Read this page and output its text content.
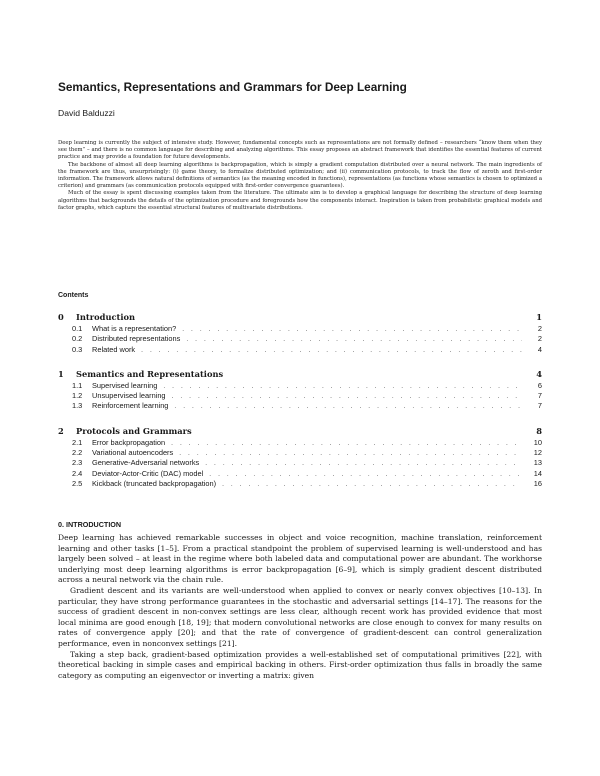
Semantics, Representations and Grammars for Deep Learning
David Balduzzi

Deep learning is currently the subject of intensive study. However, fundamental concepts such as representations are not formally defined – researchers “know them when they see them” – and there is no common language for describing and analyzing algorithms. This essay proposes an abstract framework that identifies the essential features of current practice and may provide a foundation for future developments.

The backbone of almost all deep learning algorithms is backpropagation, which is simply a gradient computation distributed over a neural network. The main ingredients of the framework are thus, unsurprisingly: (i) game theory, to formalize distributed optimization; and (ii) communication protocols, to track the flow of zeroth and first-order information. The framework allows natural definitions of semantics (as the meaning encoded in functions), representations (as functions whose semantics is chosen to optimized a criterion) and grammars (as communication protocols equipped with first-order convergence guarantees).

Much of the essay is spent discussing examples taken from the literature. The ultimate aim is to develop a graphical language for describing the structure of deep learning algorithms that backgrounds the details of the optimization procedure and foregrounds how the components interact. Inspiration is taken from probabilistic graphical models and factor graphs, which capture the essential structural features of multivariate distributions.

Contents
0	Introduction	1
0.1	What is a representation? . . .	2
0.2	Distributed representations . . .	2
0.3	Related work . . .	4
1	Semantics and Representations	4
1.1	Supervised learning . . .	6
1.2	Unsupervised learning . . .	7
1.3	Reinforcement learning . . .	7
2	Protocols and Grammars	8
2.1	Error backpropagation . . .	10
2.2	Variational autoencoders . . .	12
2.3	Generative-Adversarial networks . . .	13
2.4	Deviator-Actor-Critic (DAC) model . . .	14
2.5	Kickback (truncated backpropagation) . . .	16
0. INTRODUCTION

Deep learning has achieved remarkable successes in object and voice recognition, machine translation, reinforcement learning and other tasks [1–5]. From a practical standpoint the problem of supervised learning is well-understood and has largely been solved – at least in the regime where both labeled data and computational power are abundant. The workhorse underlying most deep learning algorithms is error backpropagation [6–9], which is simply gradient descent distributed across a neural network via the chain rule.

Gradient descent and its variants are well-understood when applied to convex or nearly convex objectives [10–13]. In particular, they have strong performance guarantees in the stochastic and adversarial settings [14–17]. The reasons for the success of gradient descent in non-convex settings are less clear, although recent work has provided evidence that most local minima are good enough [18, 19]; that modern convolutional networks are close enough to convex for many results on rates of convergence apply [20]; and that the rate of convergence of gradient-descent can control generalization performance, even in nonconvex settings [21].

Taking a step back, gradient-based optimization provides a well-established set of computational primitives [22], with theoretical backing in simple cases and empirical backing in others. First-order optimization thus falls in broadly the same category as computing an eigenvector or inverting a matrix: given
